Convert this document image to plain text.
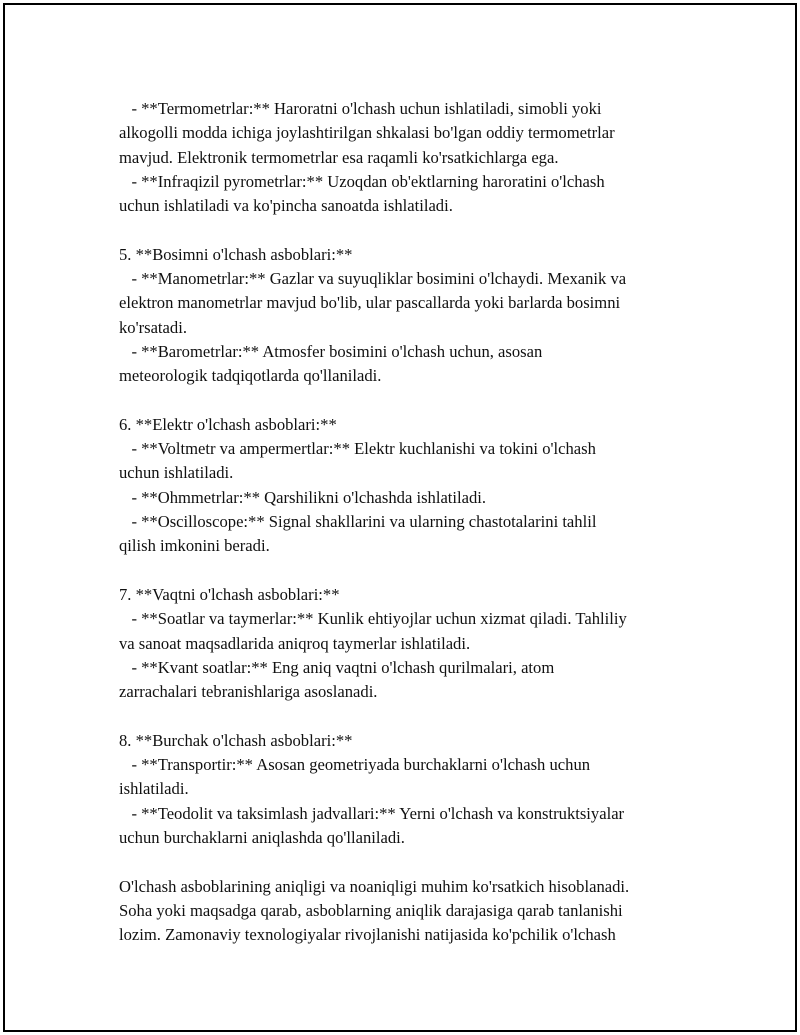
- **Termometrlar:** Haroratni o'lchash uchun ishlatiladi, simobli yoki
alkogolli modda ichiga joylashtirilgan shkalasi bo'lgan oddiy termometrlar
mavjud. Elektronik termometrlar esa raqamli ko'rsatkichlarga ega.
- **Infraqizil pyrometrlar:** Uzoqdan ob'ektlarning haroratini o'lchash
uchun ishlatiladi va ko'pincha sanoatda ishlatiladi.
5. **Bosimni o'lchash asboblari:**
- **Manometrlar:** Gazlar va suyuqliklar bosimini o'lchaydi. Mexanik va
elektron manometrlar mavjud bo'lib, ular pascallarda yoki barlarda bosimni
ko'rsatadi.
- **Barometrlar:** Atmosfer bosimini o'lchash uchun, asosan
meteorologik tadqiqotlarda qo'llaniladi.
6. **Elektr o'lchash asboblari:**
- **Voltmetr va ampermertlar:** Elektr kuchlanishi va tokini o'lchash
uchun ishlatiladi.
- **Ohmmetrlar:** Qarshilikni o'lchashda ishlatiladi.
- **Oscilloscope:** Signal shakllarini va ularning chastotalarini tahlil
qilish imkonini beradi.
7. **Vaqtni o'lchash asboblari:**
- **Soatlar va taymerlar:** Kunlik ehtiyojlar uchun xizmat qiladi. Tahliliy
va sanoat maqsadlarida aniqroq taymerlar ishlatiladi.
- **Kvant soatlar:** Eng aniq vaqtni o'lchash qurilmalari, atom
zarrachalari tebranishlariga asoslanadi.
8. **Burchak o'lchash asboblari:**
- **Transportir:** Asosan geometriyada burchaklarni o'lchash uchun
ishlatiladi.
- **Teodolit va taksimlash jadvallari:** Yerni o'lchash va konstruktsiyalar
uchun burchaklarni aniqlashda qo'llaniladi.
O'lchash asboblarining aniqligi va noaniqligi muhim ko'rsatkich hisoblanadi.
Soha yoki maqsadga qarab, asboblarning aniqlik darajasiga qarab tanlanishi
lozim. Zamonaviy texnologiyalar rivojlanishi natijasida ko'pchilik o'lchash
